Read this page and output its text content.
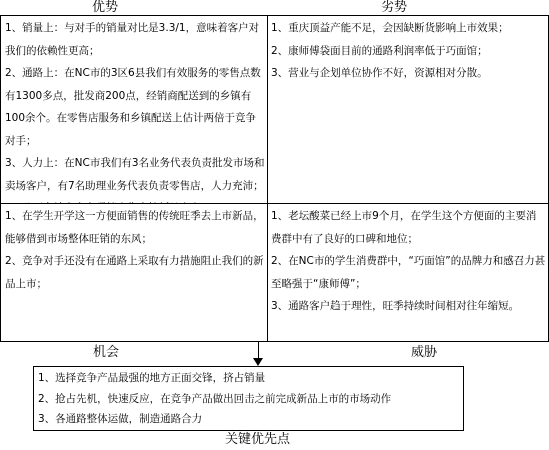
优势	劣势
1、销量上：与对手的销量对比是3.3/1，意味着客户对我们的依赖性更高；
2、通路上：在NC市的3区6县我们有效服务的零售点数有1300多点，批发商200点，经销商配送到的乡镇有100余个。在零售店服务和乡镇配送上估计两倍于竞争对手；
3、人力上：在NC市我们有3名业务代表负责批发市场和卖场客户，有7名助理业务代表负责零售店，人力充沛；
1、重庆顶益产能不足，会因缺断货影响上市效果；
2、康师傅袋面目前的通路利润率低于巧面馆；
3、营业与企划单位协作不好，资源相对分散。
1、在学生开学这一方便面销售的传统旺季去上市新品，能够借到市场整体旺销的东风；
2、竞争对手还没有在通路上采取有力措施阻止我们的新品上市；
1、老坛酸菜已经上市9个月，在学生这个方便面的主要消费群中有了良好的口碑和地位；
2、在NC市的学生消费群中，“巧面馆”的品牌力和感召力甚至略强于“康师傅”；
3、通路客户趋于理性，旺季持续时间相对往年缩短。
机会	威胁
1、选择竞争产品最强的地方正面交锋，挤占销量
2、抢占先机，快速反应，在竞争产品做出回击之前完成新品上市的市场动作
3、各通路整体运做，制造通路合力
关键优先点
